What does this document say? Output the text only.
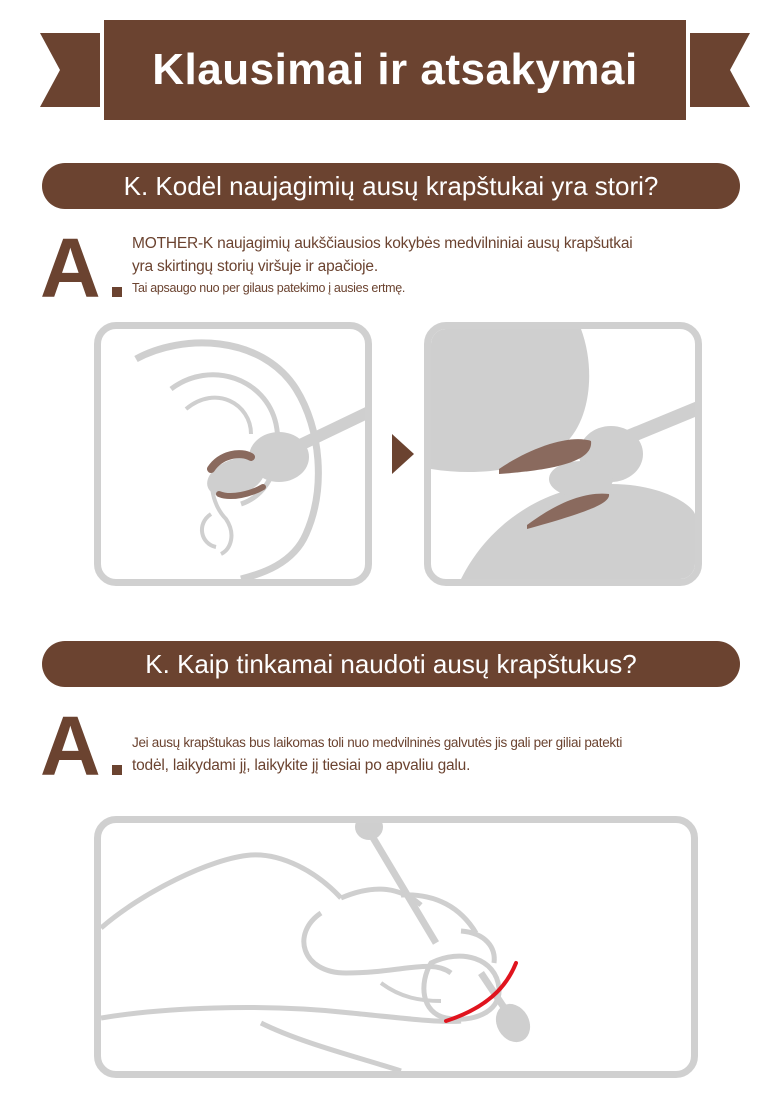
Klausimai ir atsakymai
K. Kodėl naujagimių ausų krapštukai yra stori?
A MOTHER-K naujagimių aukščiausios kokybės medvilniniai ausų krapšutkai
yra skirtingų storių viršuje ir apačioje.
Tai apsaugo nuo per gilaus patekimo į ausies ertmę.
K. Kaip tinkamai naudoti ausų krapštukus?
A Jei ausų krapštukas bus laikomas toli nuo medvilninės galvutės jis gali per giliai patekti
todėl, laikydami jį, laikykite jį tiesiai po apvaliu galu.
